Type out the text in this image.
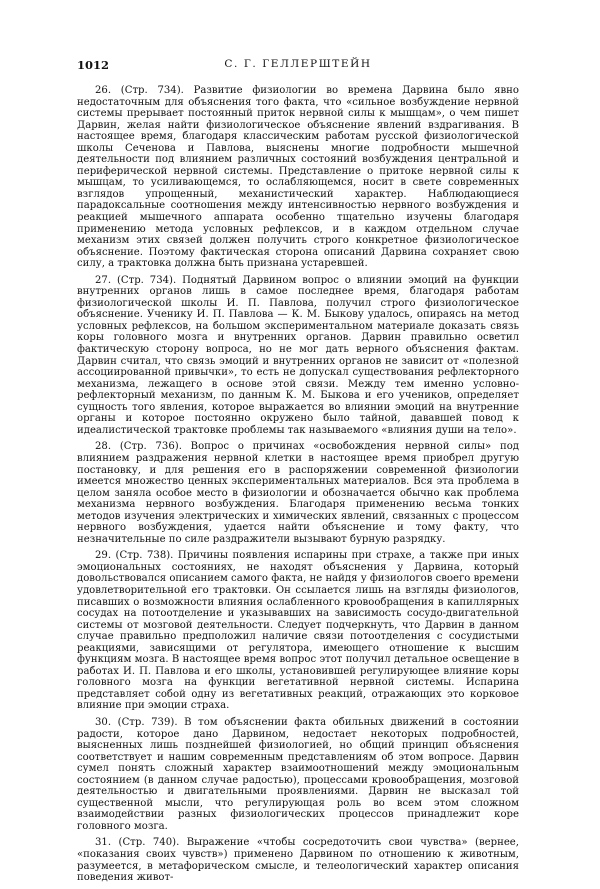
1012	С. Г. ГЕЛЛЕРШТЕЙН

26. (Стр. 734). Развитие физиологии во времена Дарвина было явно недостаточным для объяснения того факта, что «сильное возбуждение нервной системы прерывает постоянный приток нервной силы к мышцам», о чем пишет Дарвин, желая найти физиологическое объяснение явлений вздрагивания. В настоящее время, благодаря классическим работам русской физиологической школы Сеченова и Павлова, выяснены многие подробности мышечной деятельности под влиянием различных состояний возбуждения центральной и периферической нервной системы. Представление о притоке нервной силы к мышцам, то усиливающемся, то ослабляющемся, носит в свете современных взглядов упрощенный, механистический характер. Наблюдающиеся парадоксальные соотношения между интенсивностью нервного возбуждения и реакцией мышечного аппарата особенно тщательно изучены благодаря применению метода условных рефлексов, и в каждом отдельном случае механизм этих связей должен получить строго конкретное физиологическое объяснение. Поэтому фактическая сторона описаний Дарвина сохраняет свою силу, а трактовка должна быть признана устаревшей.

27. (Стр. 734). Поднятый Дарвином вопрос о влиянии эмоций на функции внутренних органов лишь в самое последнее время, благодаря работам физиологической школы И. П. Павлова, получил строго физиологическое объяснение. Ученику И. П. Павлова — К. М. Быкову удалось, опираясь на метод условных рефлексов, на большом экспериментальном материале доказать связь коры головного мозга и внутренних органов. Дарвин правильно осветил фактическую сторону вопроса, но не мог дать верного объяснения фактам. Дарвин считал, что связь эмоций и внутренних органов не зависит от «полезной ассоциированной привычки», то есть не допускал существования рефлекторного механизма, лежащего в основе этой связи. Между тем именно условно-рефлекторный механизм, по данным К. М. Быкова и его учеников, определяет сущность того явления, которое выражается во влиянии эмоций на внутренние органы и которое постоянно окружено было тайной, дававшей повод к идеалистической трактовке проблемы так называемого «влияния души на тело».

28. (Стр. 736). Вопрос о причинах «освобождения нервной силы» под влиянием раздражения нервной клетки в настоящее время приобрел другую постановку, и для решения его в распоряжении современной физиологии имеется множество ценных экспериментальных материалов. Вся эта проблема в целом заняла особое место в физиологии и обозначается обычно как проблема механизма нервного возбуждения. Благодаря применению весьма тонких методов изучения электрических и химических явлений, связанных с процессом нервного возбуждения, удается найти объяснение и тому факту, что незначительные по силе раздражители вызывают бурную разрядку.

29. (Стр. 738). Причины появления испарины при страхе, а также при иных эмоциональных состояниях, не находят объяснения у Дарвина, который довольствовался описанием самого факта, не найдя у физиологов своего времени удовлетворительной его трактовки. Он ссылается лишь на взгляды физиологов, писавших о возможности влияния ослабленного кровообращения в капиллярных сосудах на потоотделение и указывавших на зависимость сосудо-двигательной системы от мозговой деятельности. Следует подчеркнуть, что Дарвин в данном случае правильно предположил наличие связи потоотделения с сосудистыми реакциями, зависящими от регулятора, имеющего отношение к высшим функциям мозга. В настоящее время вопрос этот получил детальное освещение в работах И. П. Павлова и его школы, установившей регулирующее влияние коры головного мозга на функции вегетативной нервной системы. Испарина представляет собой одну из вегетативных реакций, отражающих это корковое влияние при эмоции страха.

30. (Стр. 739). В том объяснении факта обильных движений в состоянии радости, которое дано Дарвином, недостает некоторых подробностей, выясненных лишь позднейшей физиологией, но общий принцип объяснения соответствует и нашим современным представлениям об этом вопросе. Дарвин сумел понять сложный характер взаимоотношений между эмоциональным состоянием (в данном случае радостью), процессами кровообращения, мозговой деятельностью и двигательными проявлениями. Дарвин не высказал той существенной мысли, что регулирующая роль во всем этом сложном взаимодействии разных физиологических процессов принадлежит коре головного мозга.

31. (Стр. 740). Выражение «чтобы сосредоточить свои чувства» (вернее, «показания своих чувств») применено Дарвином по отношению к животным, разумеется, в метафорическом смысле, и телеологический характер описания поведения живот-
